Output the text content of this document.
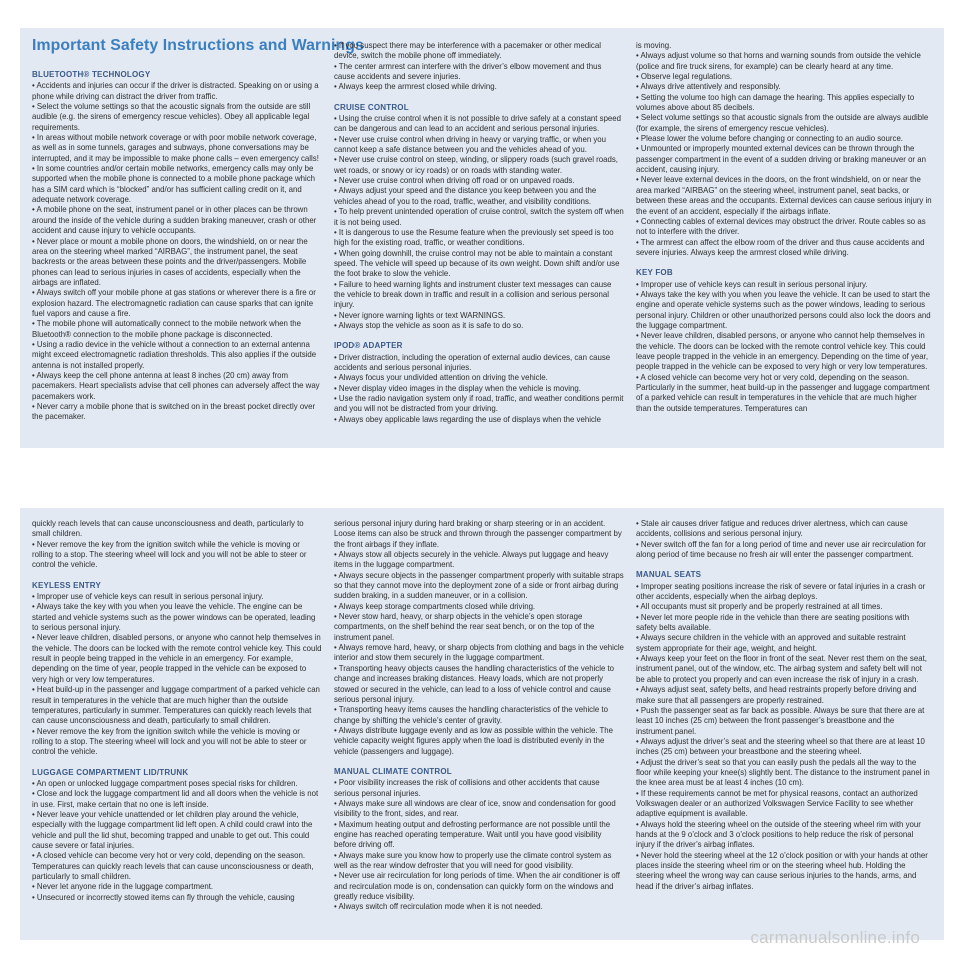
Important Safety Instructions and Warnings

BLUETOOTH® TECHNOLOGY

• Accidents and injuries can occur if the driver is distracted. Speaking on or using a phone while driving can distract the driver from traffic.

• Select the volume settings so that the acoustic signals from the outside are still audible (e.g. the sirens of emergency rescue vehicles). Obey all applicable legal requirements.

• In areas without mobile network coverage or with poor mobile network coverage, as well as in some tunnels, garages and subways, phone conversations may be interrupted, and it may be impossible to make phone calls – even emergency calls!

• In some countries and/or certain mobile networks, emergency calls may only be supported when the mobile phone is connected to a mobile phone package which has a SIM card which is “blocked” and/or has sufficient calling credit on it, and adequate network coverage.

• A mobile phone on the seat, instrument panel or in other places can be thrown around the inside of the vehicle during a sudden braking maneuver, crash or other accident and cause injury to vehicle occupants.

• Never place or mount a mobile phone on doors, the windshield, on or near the area on the steering wheel marked “AIRBAG”, the instrument panel, the seat backrests or the areas between these points and the driver/passengers. Mobile phones can lead to serious injuries in cases of accidents, especially when the airbags are inflated.

• Always switch off your mobile phone at gas stations or wherever there is a fire or explosion hazard. The electromagnetic radiation can cause sparks that can ignite fuel vapors and cause a fire.

• The mobile phone will automatically connect to the mobile network when the Bluetooth® connection to the mobile phone package is disconnected.

• Using a radio device in the vehicle without a connection to an external antenna might exceed electromagnetic radiation thresholds. This also applies if the outside antenna is not installed properly.

• Always keep the cell phone antenna at least 8 inches (20 cm) away from pacemakers. Heart specialists advise that cell phones can adversely affect the way pacemakers work.

• Never carry a mobile phone that is switched on in the breast pocket directly over the pacemaker.

• If you suspect there may be interference with a pacemaker or other medical device, switch the mobile phone off immediately.

• The center armrest can interfere with the driver’s elbow movement and thus cause accidents and severe injuries.

• Always keep the armrest closed while driving.

CRUISE CONTROL

• Using the cruise control when it is not possible to drive safely at a constant speed can be dangerous and can lead to an accident and serious personal injuries.

• Never use cruise control when driving in heavy or varying traffic, or when you cannot keep a safe distance between you and the vehicles ahead of you.

• Never use cruise control on steep, winding, or slippery roads (such gravel roads, wet roads, or snowy or icy roads) or on roads with standing water.

• Never use cruise control when driving off road or on unpaved roads.

• Always adjust your speed and the distance you keep between you and the vehicles ahead of you to the road, traffic, weather, and visibility conditions.

• To help prevent unintended operation of cruise control, switch the system off when it is not being used.

• It is dangerous to use the Resume feature when the previously set speed is too high for the existing road, traffic, or weather conditions.

• When going downhill, the cruise control may not be able to maintain a constant speed. The vehicle will speed up because of its own weight. Down shift and/or use the foot brake to slow the vehicle.

• Failure to heed warning lights and instrument cluster text messages can cause the vehicle to break down in traffic and result in a collision and serious personal injury.

• Never ignore warning lights or text WARNINGS.

• Always stop the vehicle as soon as it is safe to do so.

IPOD® ADAPTER

• Driver distraction, including the operation of external audio devices, can cause accidents and serious personal injuries.

• Always focus your undivided attention on driving the vehicle.

• Never display video images in the display when the vehicle is moving.

• Use the radio navigation system only if road, traffic, and weather conditions permit and you will not be distracted from your driving.

• Always obey applicable laws regarding the use of displays when the vehicle

is moving.

• Always adjust volume so that horns and warning sounds from outside the vehicle (police and fire truck sirens, for example) can be clearly heard at any time.

• Observe legal regulations.

• Always drive attentively and responsibly.

• Setting the volume too high can damage the hearing. This applies especially to volumes above about 85 decibels.

• Select volume settings so that acoustic signals from the outside are always audible (for example, the sirens of emergency rescue vehicles).

• Please lower the volume before changing or connecting to an audio source.

• Unmounted or improperly mounted external devices can be thrown through the passenger compartment in the event of a sudden driving or braking maneuver or an accident, causing injury.

• Never leave external devices in the doors, on the front windshield, on or near the area marked “AIRBAG” on the steering wheel, instrument panel, seat backs, or between these areas and the occupants. External devices can cause serious injury in the event of an accident, especially if the airbags inflate.

• Connecting cables of external devices may obstruct the driver. Route cables so as not to interfere with the driver.

• The armrest can affect the elbow room of the driver and thus cause accidents and severe injuries. Always keep the armrest closed while driving.

KEY FOB

• Improper use of vehicle keys can result in serious personal injury.

• Always take the key with you when you leave the vehicle. It can be used to start the engine and operate vehicle systems such as the power windows, leading to serious personal injury. Children or other unauthorized persons could also lock the doors and the luggage compartment.

• Never leave children, disabled persons, or anyone who cannot help themselves in the vehicle. The doors can be locked with the remote control vehicle key. This could leave people trapped in the vehicle in an emergency. Depending on the time of year, people trapped in the vehicle can be exposed to very high or very low temperatures.

• A closed vehicle can become very hot or very cold, depending on the season. Particularly in the summer, heat build-up in the passenger and luggage compartment of a parked vehicle can result in temperatures in the vehicle that are much higher than the outside temperatures. Temperatures can

quickly reach levels that can cause unconsciousness and death, particularly to small children.

• Never remove the key from the ignition switch while the vehicle is moving or rolling to a stop. The steering wheel will lock and you will not be able to steer or control the vehicle.

KEYLESS ENTRY

• Improper use of vehicle keys can result in serious personal injury.

• Always take the key with you when you leave the vehicle. The engine can be started and vehicle systems such as the power windows can be operated, leading to serious personal injury.

• Never leave children, disabled persons, or anyone who cannot help themselves in the vehicle. The doors can be locked with the remote control vehicle key. This could result in people being trapped in the vehicle in an emergency. For example, depending on the time of year, people trapped in the vehicle can be exposed to very high or very low temperatures.

• Heat build-up in the passenger and luggage compartment of a parked vehicle can result in temperatures in the vehicle that are much higher than the outside temperatures, particularly in summer. Temperatures can quickly reach levels that can cause unconsciousness and death, particularly to small children.

• Never remove the key from the ignition switch while the vehicle is moving or rolling to a stop. The steering wheel will lock and you will not be able to steer or control the vehicle.

LUGGAGE COMPARTMENT LID/TRUNK

• An open or unlocked luggage compartment poses special risks for children.

• Close and lock the luggage compartment lid and all doors when the vehicle is not in use. First, make certain that no one is left inside.

• Never leave your vehicle unattended or let children play around the vehicle, especially with the luggage compartment lid left open. A child could crawl into the vehicle and pull the lid shut, becoming trapped and unable to get out. This could cause severe or fatal injuries.

• A closed vehicle can become very hot or very cold, depending on the season. Temperatures can quickly reach levels that can cause unconsciousness or death, particularly to small children.

• Never let anyone ride in the luggage compartment.

• Unsecured or incorrectly stowed items can fly through the vehicle, causing

serious personal injury during hard braking or sharp steering or in an accident. Loose items can also be struck and thrown through the passenger compartment by the front airbags if they inflate.

• Always stow all objects securely in the vehicle. Always put luggage and heavy items in the luggage compartment.

• Always secure objects in the passenger compartment properly with suitable straps so that they cannot move into the deployment zone of a side or front airbag during sudden braking, in a sudden maneuver, or in a collision.

• Always keep storage compartments closed while driving.

• Never stow hard, heavy, or sharp objects in the vehicle’s open storage compartments, on the shelf behind the rear seat bench, or on the top of the instrument panel.

• Always remove hard, heavy, or sharp objects from clothing and bags in the vehicle interior and stow them securely in the luggage compartment.

• Transporting heavy objects causes the handling characteristics of the vehicle to change and increases braking distances. Heavy loads, which are not properly stowed or secured in the vehicle, can lead to a loss of vehicle control and cause serious personal injury.

• Transporting heavy items causes the handling characteristics of the vehicle to change by shifting the vehicle’s center of gravity.

• Always distribute luggage evenly and as low as possible within the vehicle. The vehicle capacity weight figures apply when the load is distributed evenly in the vehicle (passengers and luggage).

MANUAL CLIMATE CONTROL

• Poor visibility increases the risk of collisions and other accidents that cause serious personal injuries.

• Always make sure all windows are clear of ice, snow and condensation for good visibility to the front, sides, and rear.

• Maximum heating output and defrosting performance are not possible until the engine has reached operating temperature. Wait until you have good visibility before driving off.

• Always make sure you know how to properly use the climate control system as well as the rear window defroster that you will need for good visibility.

• Never use air recirculation for long periods of time. When the air conditioner is off and recirculation mode is on, condensation can quickly form on the windows and greatly reduce visibility.

• Always switch off recirculation mode when it is not needed.

• Stale air causes driver fatigue and reduces driver alertness, which can cause accidents, collisions and serious personal injury.

• Never switch off the fan for a long period of time and never use air recirculation for along period of time because no fresh air will enter the passenger compartment.

MANUAL SEATS

• Improper seating positions increase the risk of severe or fatal injuries in a crash or other accidents, especially when the airbag deploys.

• All occupants must sit properly and be properly restrained at all times.

• Never let more people ride in the vehicle than there are seating positions with safety belts available.

• Always secure children in the vehicle with an approved and suitable restraint system appropriate for their age, weight, and height.

• Always keep your feet on the floor in front of the seat. Never rest them on the seat, instrument panel, out of the window, etc. The airbag system and safety belt will not be able to protect you properly and can even increase the risk of injury in a crash.

• Always adjust seat, safety belts, and head restraints properly before driving and make sure that all passengers are properly restrained.

• Push the passenger seat as far back as possible. Always be sure that there are at least 10 inches (25 cm) between the front passenger’s breastbone and the instrument panel.

• Always adjust the driver’s seat and the steering wheel so that there are at least 10 inches (25 cm) between your breastbone and the steering wheel.

• Adjust the driver’s seat so that you can easily push the pedals all the way to the floor while keeping your knee(s) slightly bent. The distance to the instrument panel in the knee area must be at least 4 inches (10 cm).

• If these requirements cannot be met for physical reasons, contact an authorized Volkswagen dealer or an authorized Volkswagen Service Facility to see whether adaptive equipment is available.

• Always hold the steering wheel on the outside of the steering wheel rim with your hands at the 9 o’clock and 3 o’clock positions to help reduce the risk of personal injury if the driver’s airbag inflates.

• Never hold the steering wheel at the 12 o’clock position or with your hands at other places inside the steering wheel rim or on the steering wheel hub. Holding the steering wheel the wrong way can cause serious injuries to the hands, arms, and head if the driver’s airbag inflates.

carmanualsonline.info
